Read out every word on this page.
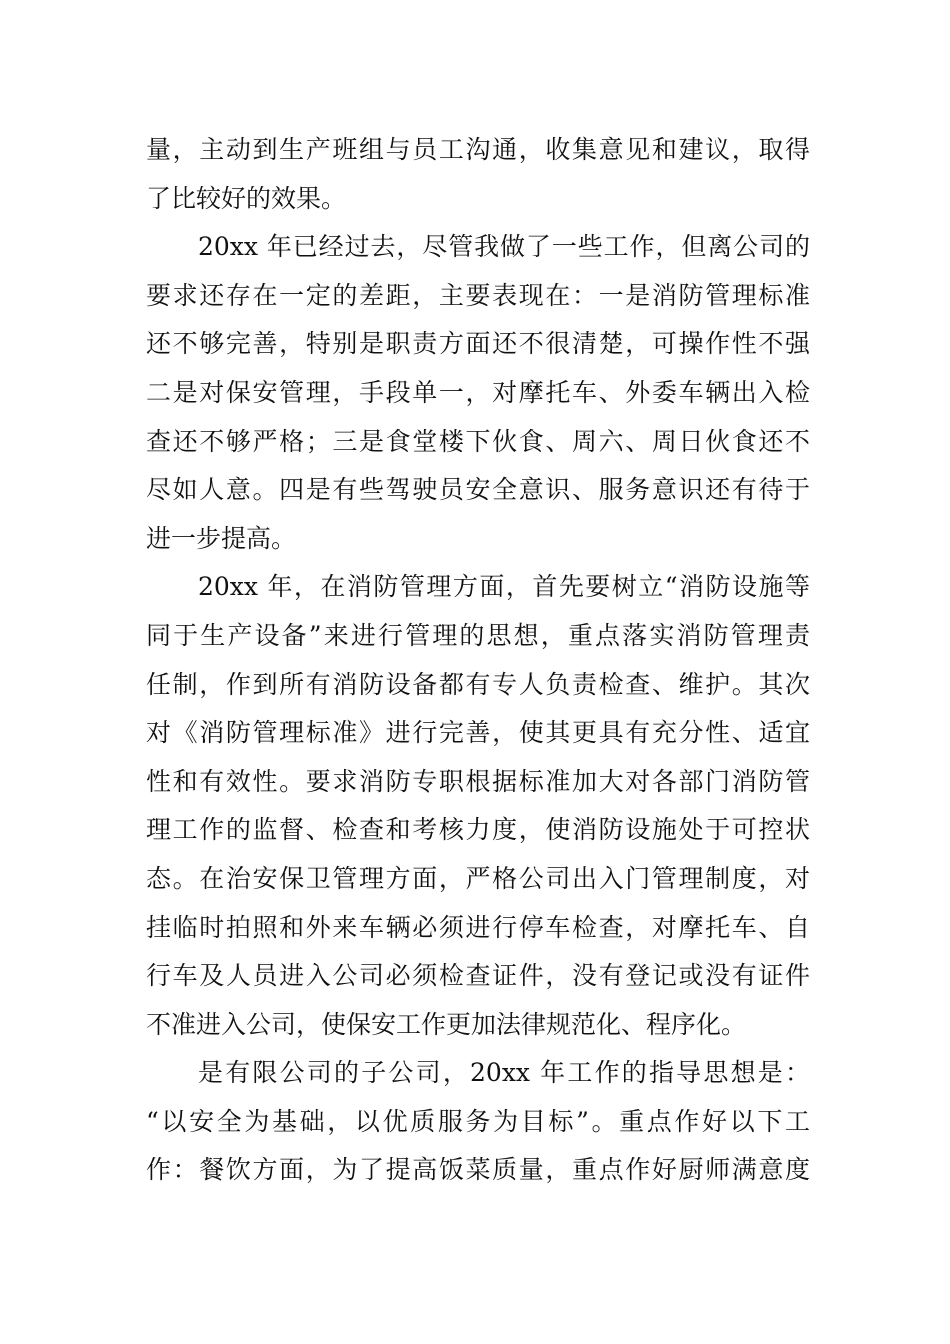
量，主动到生产班组与员工沟通，收集意见和建议，取得
了比较好的效果。
20xx 年已经过去，尽管我做了一些工作，但离公司的
要求还存在一定的差距，主要表现在：一是消防管理标准
还不够完善，特别是职责方面还不很清楚，可操作性不强
二是对保安管理，手段单一，对摩托车、外委车辆出入检
查还不够严格；三是食堂楼下伙食、周六、周日伙食还不
尽如人意。四是有些驾驶员安全意识、服务意识还有待于
进一步提高。
20xx 年，在消防管理方面，首先要树立“消防设施等
同于生产设备”来进行管理的思想，重点落实消防管理责
任制，作到所有消防设备都有专人负责检查、维护。其次
对《消防管理标准》进行完善，使其更具有充分性、适宜
性和有效性。要求消防专职根据标准加大对各部门消防管
理工作的监督、检查和考核力度，使消防设施处于可控状
态。在治安保卫管理方面，严格公司出入门管理制度，对
挂临时拍照和外来车辆必须进行停车检查，对摩托车、自
行车及人员进入公司必须检查证件，没有登记或没有证件
不准进入公司，使保安工作更加法律规范化、程序化。
是有限公司的子公司，20xx 年工作的指导思想是：
“以安全为基础，以优质服务为目标”。重点作好以下工
作：餐饮方面，为了提高饭菜质量，重点作好厨师满意度
